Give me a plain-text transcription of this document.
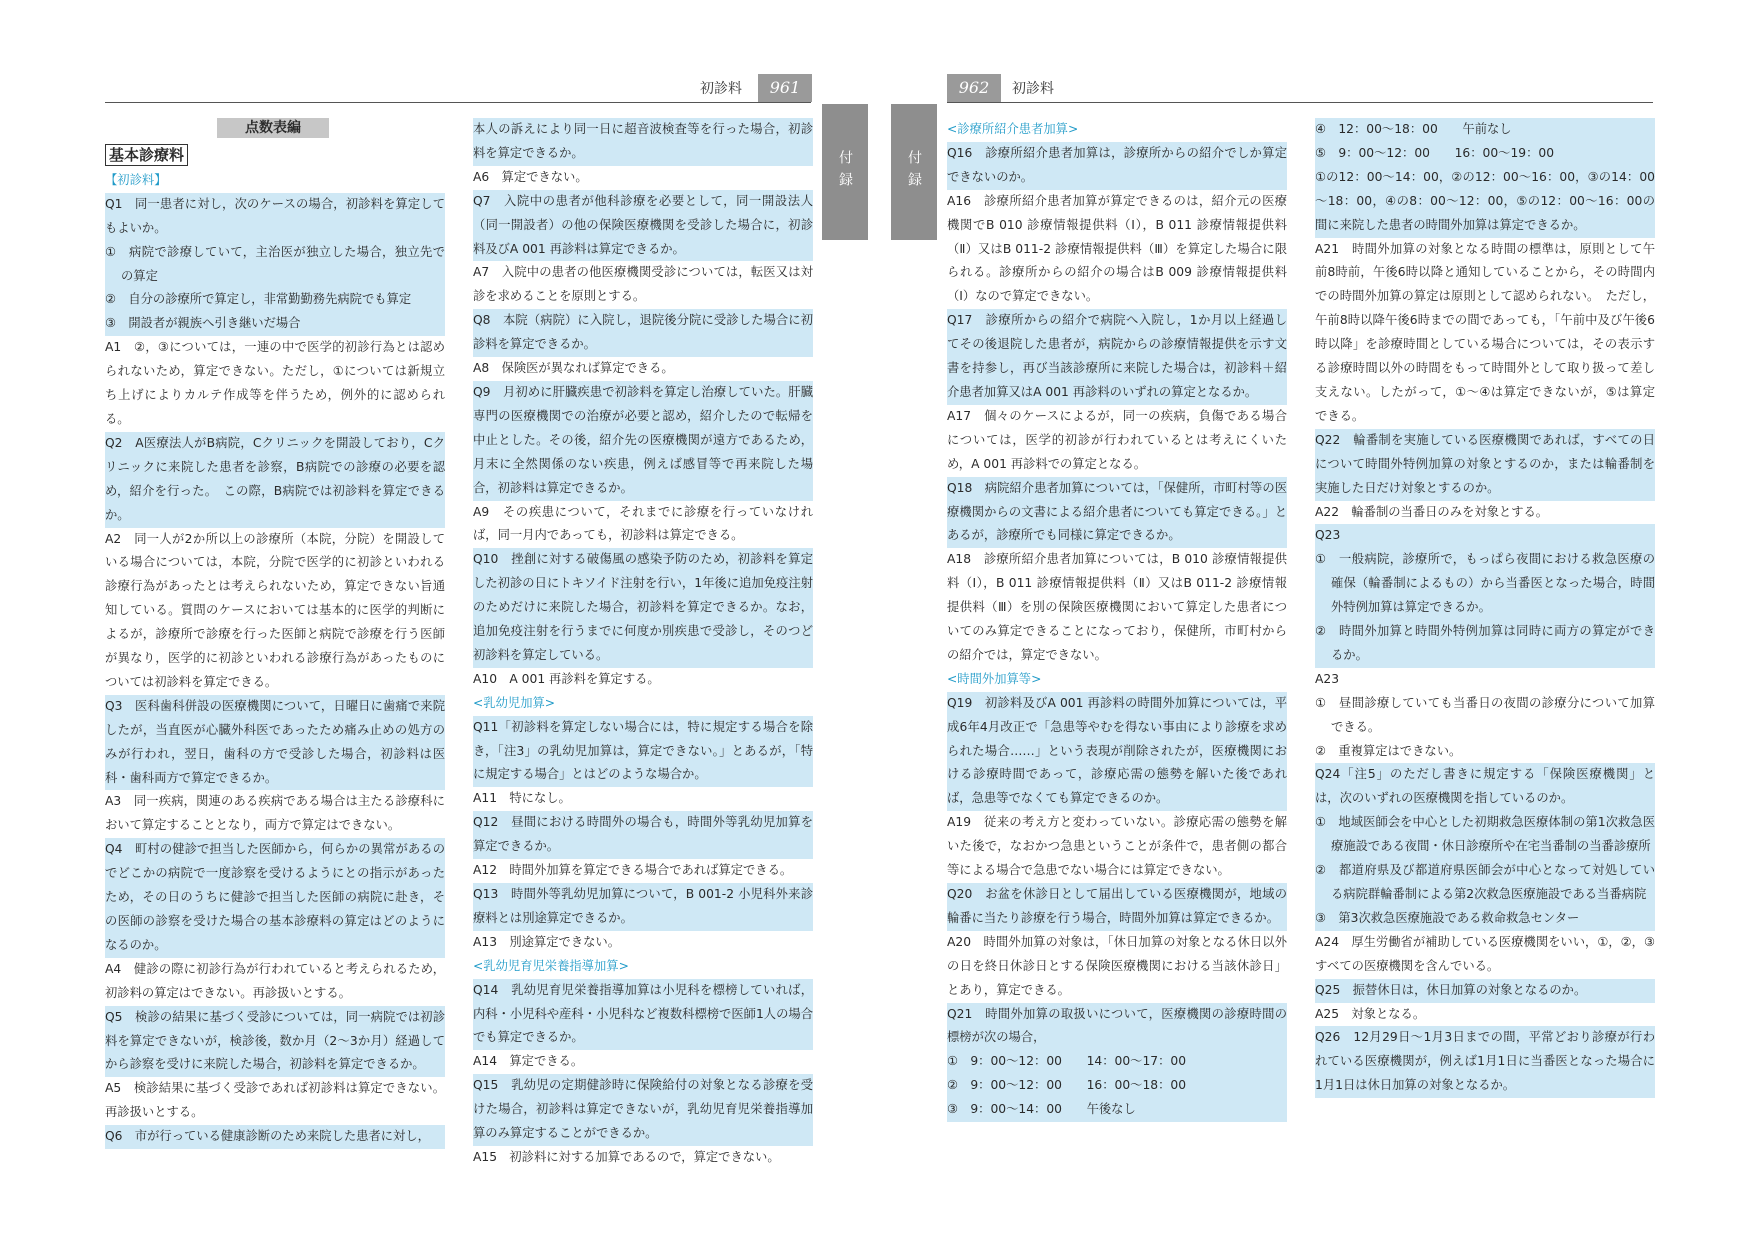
初診料	961
付録
点数表編
基本診療料

【初診料】

Q1　同一患者に対し，次のケースの場合，初診料を算定してもよいか。

①　病院で診療していて，主治医が独立した場合，独立先での算定

②　自分の診療所で算定し，非常勤勤務先病院でも算定

③　開設者が親族へ引き継いだ場合

A1　②，③については，一連の中で医学的初診行為とは認められないため，算定できない。ただし，①については新規立ち上げによりカルテ作成等を伴うため，例外的に認められる。

Q2　A医療法人がB病院，Cクリニックを開設しており，Cクリニックに来院した患者を診察，B病院での診療の必要を認め，紹介を行った。　この際，B病院では初診料を算定できるか。

A2　同一人が2か所以上の診療所（本院，分院）を開設している場合については，本院，分院で医学的に初診といわれる診療行為があったとは考えられないため，算定できない旨通知している。質問のケースにおいては基本的に医学的判断によるが，診療所で診療を行った医師と病院で診療を行う医師が異なり，医学的に初診といわれる診療行為があったものについては初診料を算定できる。

Q3　医科歯科併設の医療機関について，日曜日に歯痛で来院したが，当直医が心臓外科医であったため痛み止めの処方のみが行われ，翌日，歯科の方で受診した場合，初診料は医科・歯科両方で算定できるか。

A3　同一疾病，関連のある疾病である場合は主たる診療科において算定することとなり，両方で算定はできない。

Q4　町村の健診で担当した医師から，何らかの異常があるのでどこかの病院で一度診察を受けるようにとの指示があったため，その日のうちに健診で担当した医師の病院に赴き，その医師の診察を受けた場合の基本診療料の算定はどのようになるのか。

A4　健診の際に初診行為が行われていると考えられるため，初診料の算定はできない。再診扱いとする。

Q5　検診の結果に基づく受診については，同一病院では初診料を算定できないが，検診後，数か月（2～3か月）経過してから診察を受けに来院した場合，初診料を算定できるか。

A5　検診結果に基づく受診であれば初診料は算定できない。再診扱いとする。

Q6　市が行っている健康診断のため来院した患者に対し，

本人の訴えにより同一日に超音波検査等を行った場合，初診料を算定できるか。

A6　算定できない。

Q7　入院中の患者が他科診療を必要として，同一開設法人（同一開設者）の他の保険医療機関を受診した場合に，初診料及びA 001 再診料は算定できるか。

A7　入院中の患者の他医療機関受診については，転医又は対診を求めることを原則とする。

Q8　本院（病院）に入院し，退院後分院に受診した場合に初診料を算定できるか。

A8　保険医が異なれば算定できる。

Q9　月初めに肝臓疾患で初診料を算定し治療していた。肝臓専門の医療機関での治療が必要と認め，紹介したので転帰を中止とした。その後，紹介先の医療機関が遠方であるため，月末に全然関係のない疾患，例えば感冒等で再来院した場合，初診料は算定できるか。

A9　その疾患について，それまでに診療を行っていなければ，同一月内であっても，初診料は算定できる。

Q10　挫創に対する破傷風の感染予防のため，初診料を算定した初診の日にトキソイド注射を行い，1年後に追加免疫注射のためだけに来院した場合，初診料を算定できるか。なお，追加免疫注射を行うまでに何度か別疾患で受診し，そのつど初診料を算定している。

A10　A 001 再診料を算定する。

<乳幼児加算>

Q11「初診料を算定しない場合には，特に規定する場合を除き，「注3」の乳幼児加算は，算定できない。」とあるが，「特に規定する場合」とはどのような場合か。

A11　特になし。

Q12　昼間における時間外の場合も，時間外等乳幼児加算を算定できるか。

A12　時間外加算を算定できる場合であれば算定できる。

Q13　時間外等乳幼児加算について，B 001-2 小児科外来診療料とは別途算定できるか。

A13　別途算定できない。

<乳幼児育児栄養指導加算>

Q14　乳幼児育児栄養指導加算は小児科を標榜していれば，内科・小児科や産科・小児科など複数科標榜で医師1人の場合でも算定できるか。

A14　算定できる。

Q15　乳幼児の定期健診時に保険給付の対象となる診療を受けた場合，初診料は算定できないが，乳幼児育児栄養指導加算のみ算定することができるか。

A15　初診料に対する加算であるので，算定できない。

付録
962	初診料

<診療所紹介患者加算>

Q16　診療所紹介患者加算は，診療所からの紹介でしか算定できないのか。

A16　診療所紹介患者加算が算定できるのは，紹介元の医療機関でB 010 診療情報提供料（Ⅰ），B 011 診療情報提供料（Ⅱ）又はB 011-2 診療情報提供料（Ⅲ）を算定した場合に限られる。診療所からの紹介の場合はB 009 診療情報提供料（Ⅰ）なので算定できない。

Q17　診療所からの紹介で病院へ入院し，1か月以上経過してその後退院した患者が，病院からの診療情報提供を示す文書を持参し，再び当該診療所に来院した場合は，初診料＋紹介患者加算又はA 001 再診料のいずれの算定となるか。

A17　個々のケースによるが，同一の疾病，負傷である場合については，医学的初診が行われているとは考えにくいため，A 001 再診料での算定となる。

Q18　病院紹介患者加算については，「保健所，市町村等の医療機関からの文書による紹介患者についても算定できる。」とあるが，診療所でも同様に算定できるか。

A18　診療所紹介患者加算については，B 010 診療情報提供料（Ⅰ），B 011 診療情報提供料（Ⅱ）又はB 011-2 診療情報提供料（Ⅲ）を別の保険医療機関において算定した患者についてのみ算定できることになっており，保健所，市町村からの紹介では，算定できない。

<時間外加算等>

Q19　初診料及びA 001 再診料の時間外加算については，平成6年4月改正で「急患等やむを得ない事由により診療を求められた場合……」という表現が削除されたが，医療機関における診療時間であって，診療応需の態勢を解いた後であれば，急患等でなくても算定できるのか。

A19　従来の考え方と変わっていない。診療応需の態勢を解いた後で，なおかつ急患ということが条件で，患者側の都合等による場合で急患でない場合には算定できない。

Q20　お盆を休診日として届出している医療機関が，地域の輪番に当たり診療を行う場合，時間外加算は算定できるか。

A20　時間外加算の対象は，「休日加算の対象となる休日以外の日を終日休診日とする保険医療機関における当該休診日」とあり，算定できる。

Q21　時間外加算の取扱いについて，医療機関の診療時間の標榜が次の場合，

①　9：00～12：00　　14：00～17：00

②　9：00～12：00　　16：00～18：00

③　9：00～14：00　　午後なし

④　12：00～18：00　　午前なし

⑤　9：00～12：00　　16：00～19：00

①の12：00～14：00，②の12：00～16：00，③の14：00～18：00，④の8：00～12：00，⑤の12：00～16：00の間に来院した患者の時間外加算は算定できるか。

A21　時間外加算の対象となる時間の標準は，原則として午前8時前，午後6時以降と通知していることから，その時間内での時間外加算の算定は原則として認められない。　ただし，午前8時以降午後6時までの間であっても，「午前中及び午後6時以降」を診療時間としている場合については，その表示する診療時間以外の時間をもって時間外として取り扱って差し支えない。したがって，①～④は算定できないが，⑤は算定できる。

Q22　輪番制を実施している医療機関であれば，すべての日について時間外特例加算の対象とするのか，または輪番制を実施した日だけ対象とするのか。

A22　輪番制の当番日のみを対象とする。

Q23

①　一般病院，診療所で，もっぱら夜間における救急医療の確保（輪番制によるもの）から当番医となった場合，時間外特例加算は算定できるか。

②　時間外加算と時間外特例加算は同時に両方の算定ができるか。

A23

①　昼間診療していても当番日の夜間の診療分について加算できる。

②　重複算定はできない。

Q24「注5」のただし書きに規定する「保険医療機関」とは，次のいずれの医療機関を指しているのか。

①　地域医師会を中心とした初期救急医療体制の第1次救急医療施設である夜間・休日診療所や在宅当番制の当番診療所

②　都道府県及び都道府県医師会が中心となって対処している病院群輪番制による第2次救急医療施設である当番病院

③　第3次救急医療施設である救命救急センター

A24　厚生労働省が補助している医療機関をいい，①，②，③すべての医療機関を含んでいる。

Q25　振替休日は，休日加算の対象となるのか。

A25　対象となる。

Q26　12月29日～1月3日までの間，平常どおり診療が行われている医療機関が，例えば1月1日に当番医となった場合に1月1日は休日加算の対象となるか。
